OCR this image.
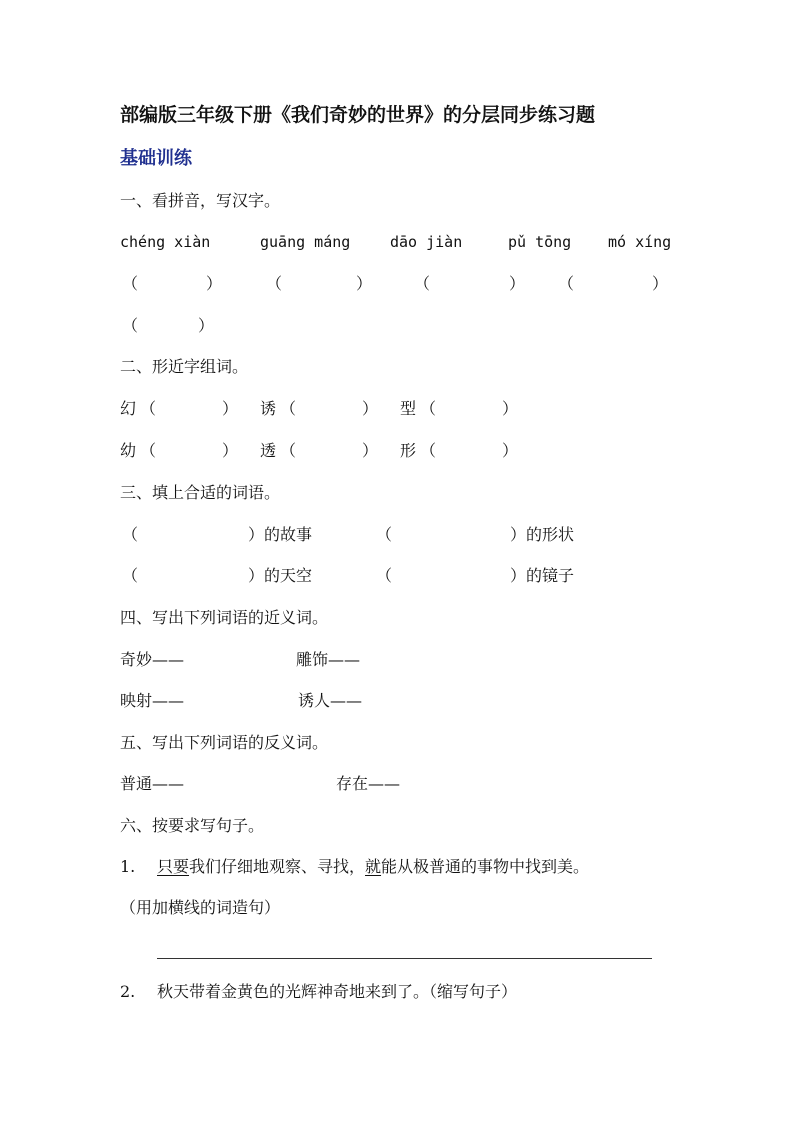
部编版三年级下册《我们奇妙的世界》的分层同步练习题
基础训练
一、看拼音，写汉字。
chéng xiàn	guāng máng	dāo jiàn	pǔ tōng mó xíng
（	）	（	）	（	） （	）
（	）
二、形近字组词。
幻 （	） 诱 （	） 型 （	）
幼 （	） 透 （	） 形 （	）
三、填上合适的词语。
（	）的故事	（	）的形状
（	）的天空	（	）的镜子
四、写出下列词语的近义词。
奇妙——	雕饰——
映射——	诱人——
五、写出下列词语的反义词。
普通——	存在——
六、按要求写句子。
1. 只要我们仔细地观察、寻找，就能从极普通的事物中找到美。
（用加横线的词造句）
2. 秋天带着金黄色的光辉神奇地来到了。（缩写句子）
